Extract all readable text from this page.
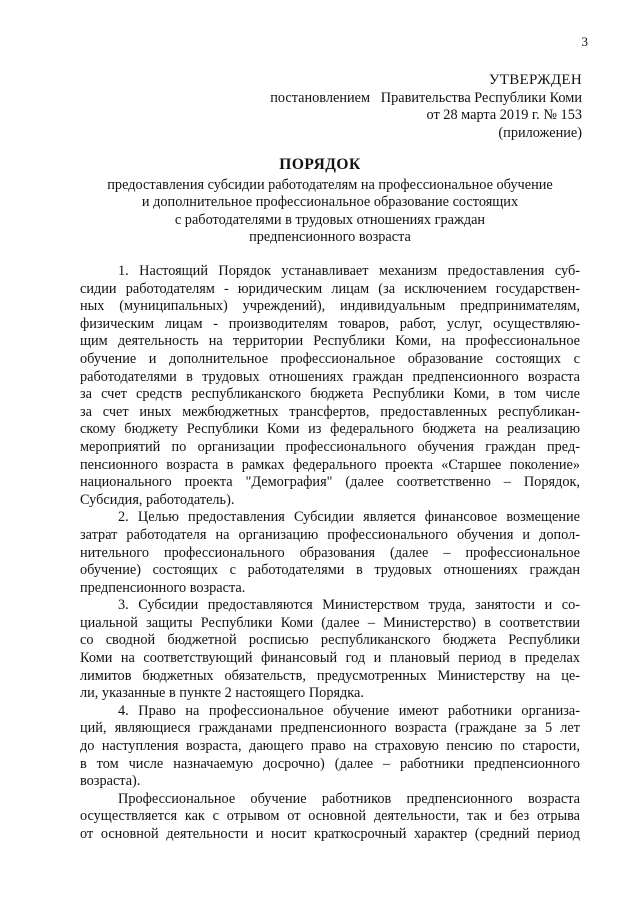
3
УТВЕРЖДЕН
постановлением   Правительства Республики Коми
от 28 марта 2019 г. № 153
(приложение)
ПОРЯДОК
предоставления субсидии работодателям на профессиональное обучение
и дополнительное профессиональное образование состоящих
с работодателями в трудовых отношениях граждан
предпенсионного возраста
1. Настоящий Порядок устанавливает механизм предоставления суб-
сидии работодателям - юридическим лицам (за исключением государствен-
ных (муниципальных) учреждений), индивидуальным предпринимателям,
физическим лицам - производителям товаров, работ, услуг, осуществляю-
щим деятельность на территории Республики Коми, на профессиональное
обучение и дополнительное профессиональное образование состоящих с
работодателями в трудовых отношениях граждан предпенсионного возраста
за счет средств республиканского бюджета Республики Коми, в том числе
за счет иных межбюджетных трансфертов, предоставленных республикан-
скому бюджету Республики Коми из федерального бюджета на реализацию
мероприятий по организации профессионального обучения граждан пред-
пенсионного возраста в рамках федерального проекта «Старшее поколение»
национального проекта "Демография" (далее соответственно – Порядок,
Субсидия, работодатель).
2. Целью предоставления Субсидии является финансовое возмещение
затрат работодателя на организацию профессионального обучения и допол-
нительного профессионального образования (далее – профессиональное
обучение) состоящих с работодателями в трудовых отношениях граждан
предпенсионного возраста.
3. Субсидии предоставляются Министерством труда, занятости и со-
циальной защиты Республики Коми (далее – Министерство) в соответствии
со сводной бюджетной росписью республиканского бюджета Республики
Коми на соответствующий финансовый год и плановый период в пределах
лимитов бюджетных обязательств, предусмотренных Министерству на це-
ли, указанные в пункте 2 настоящего Порядка.
4. Право на профессиональное обучение имеют работники организа-
ций, являющиеся гражданами предпенсионного возраста (граждане за 5 лет
до наступления возраста, дающего право на страховую пенсию по старости,
в том числе назначаемую досрочно) (далее – работники предпенсионного
возраста).
Профессиональное обучение работников предпенсионного возраста
осуществляется как с отрывом от основной деятельности, так и без отрыва
от основной деятельности и носит краткосрочный характер (средний период
